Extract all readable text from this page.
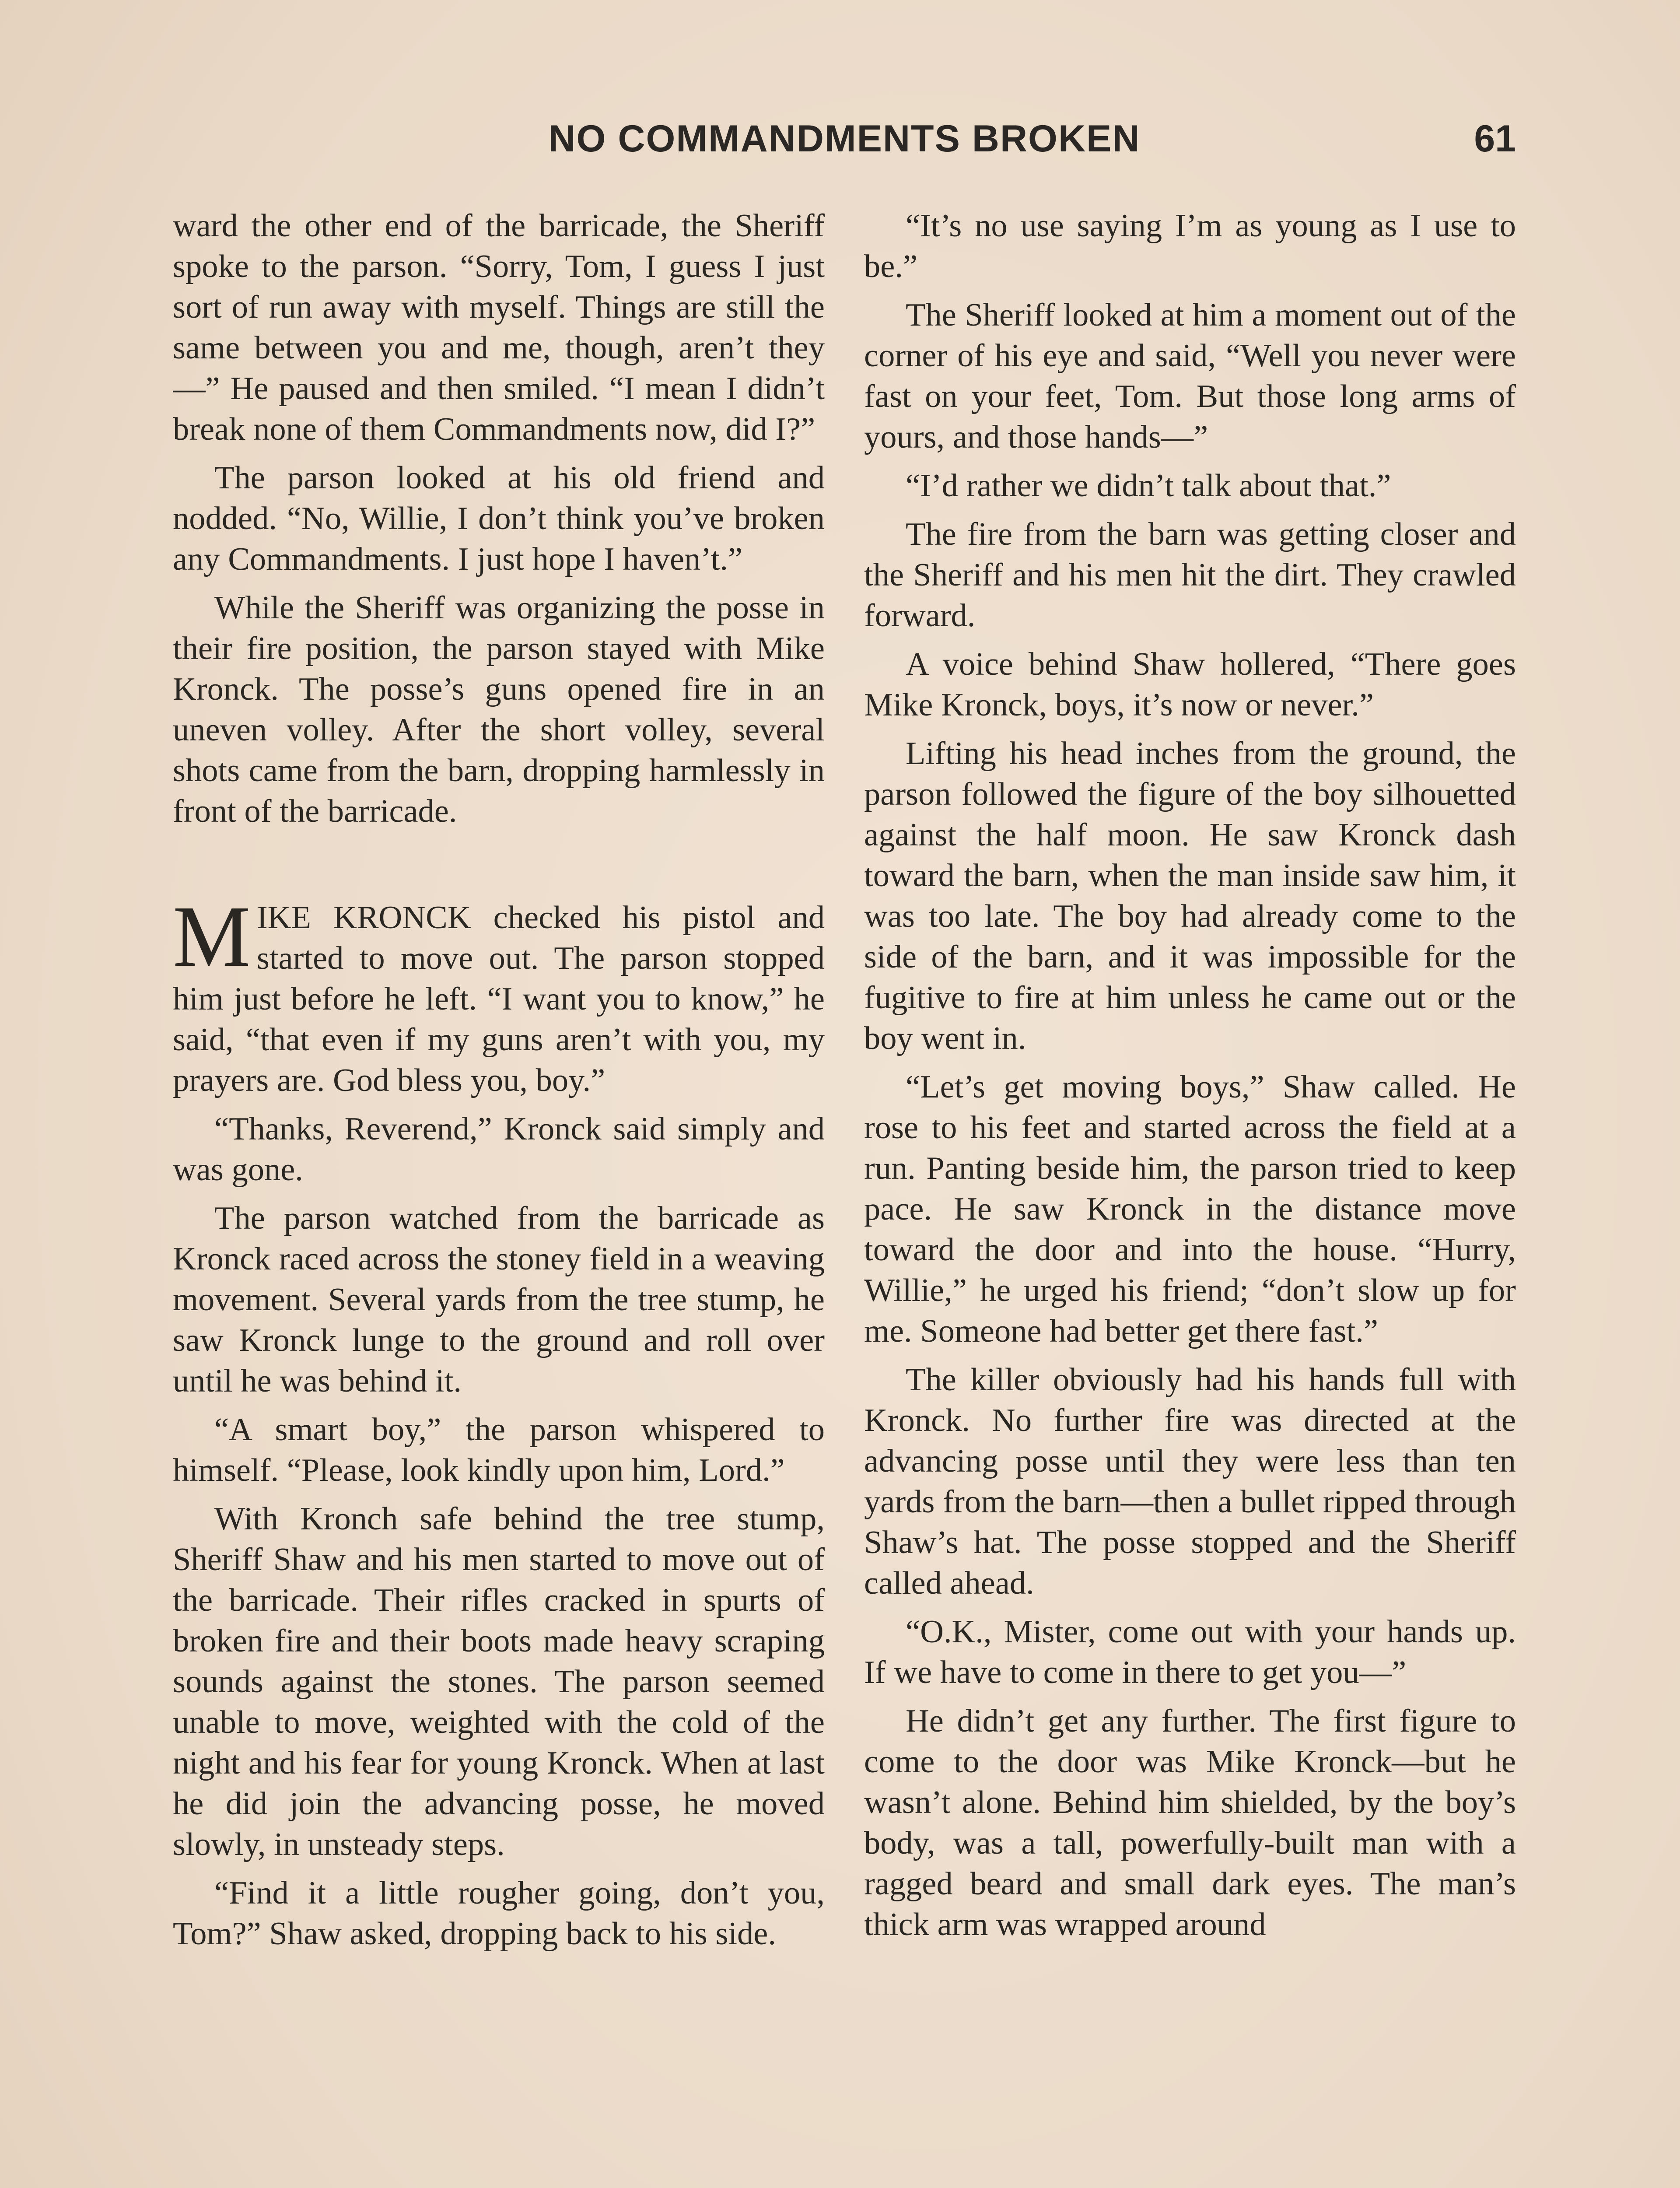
NO COMMANDMENTS BROKEN	61

ward the other end of the barricade, the Sheriff spoke to the parson. “Sorry, Tom, I guess I just sort of run away with myself. Things are still the same between you and me, though, aren’t they—” He paused and then smiled. “I mean I didn’t break none of them Commandments now, did I?”

The parson looked at his old friend and nodded. “No, Willie, I don’t think you’ve broken any Commandments. I just hope I haven’t.”

While the Sheriff was organizing the posse in their fire position, the parson stayed with Mike Kronck. The posse’s guns opened fire in an uneven volley. After the short volley, several shots came from the barn, dropping harmlessly in front of the barricade.

MIKE KRONCK checked his pistol and started to move out. The parson stopped him just before he left. “I want you to know,” he said, “that even if my guns aren’t with you, my prayers are. God bless you, boy.”

“Thanks, Reverend,” Kronck said simply and was gone.

The parson watched from the barricade as Kronck raced across the stoney field in a weaving movement. Several yards from the tree stump, he saw Kronck lunge to the ground and roll over until he was behind it.

“A smart boy,” the parson whispered to himself. “Please, look kindly upon him, Lord.”

With Kronch safe behind the tree stump, Sheriff Shaw and his men started to move out of the barricade. Their rifles cracked in spurts of broken fire and their boots made heavy scraping sounds against the stones. The parson seemed unable to move, weighted with the cold of the night and his fear for young Kronck. When at last he did join the advancing posse, he moved slowly, in unsteady steps.

“Find it a little rougher going, don’t you, Tom?” Shaw asked, dropping back to his side.

“It’s no use saying I’m as young as I use to be.”

The Sheriff looked at him a moment out of the corner of his eye and said, “Well you never were fast on your feet, Tom. But those long arms of yours, and those hands—”

“I’d rather we didn’t talk about that.”

The fire from the barn was getting closer and the Sheriff and his men hit the dirt. They crawled forward.

A voice behind Shaw hollered, “There goes Mike Kronck, boys, it’s now or never.”

Lifting his head inches from the ground, the parson followed the figure of the boy silhouetted against the half moon. He saw Kronck dash toward the barn, when the man inside saw him, it was too late. The boy had already come to the side of the barn, and it was impossible for the fugitive to fire at him unless he came out or the boy went in.

“Let’s get moving boys,” Shaw called. He rose to his feet and started across the field at a run. Panting beside him, the parson tried to keep pace. He saw Kronck in the distance move toward the door and into the house. “Hurry, Willie,” he urged his friend; “don’t slow up for me. Someone had better get there fast.”

The killer obviously had his hands full with Kronck. No further fire was directed at the advancing posse until they were less than ten yards from the barn—then a bullet ripped through Shaw’s hat. The posse stopped and the Sheriff called ahead.

“O.K., Mister, come out with your hands up. If we have to come in there to get you—”

He didn’t get any further. The first figure to come to the door was Mike Kronck—but he wasn’t alone. Behind him shielded, by the boy’s body, was a tall, powerfully-built man with a ragged beard and small dark eyes. The man’s thick arm was wrapped around
